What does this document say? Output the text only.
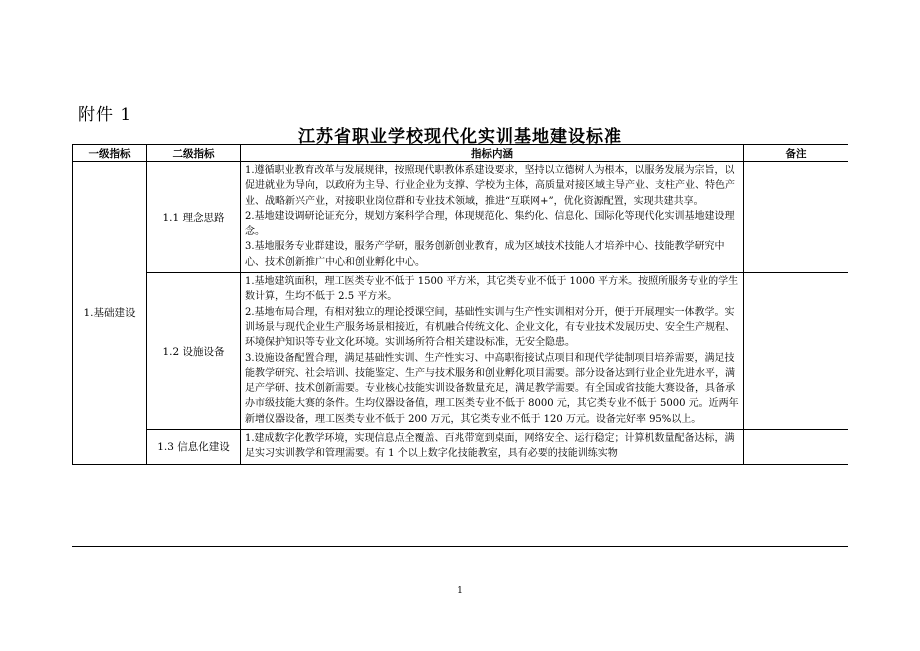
附件 1
江苏省职业学校现代化实训基地建设标准
一级指标	二级指标	指标内涵	备注
1.基础建设	1.1 理念思路	1.遵循职业教育改革与发展规律，按照现代职教体系建设要求，坚持以立德树人为根本，以服务发展为宗旨，以促进就业为导向，以政府为主导、行业企业为支撑、学校为主体，高质量对接区域主导产业、支柱产业、特色产业、战略新兴产业，对接职业岗位群和专业技术领域，推进“互联网+”，优化资源配置，实现共建共享。

2.基地建设调研论证充分，规划方案科学合理，体现规范化、集约化、信息化、国际化等现代化实训基地建设理念。

3.基地服务专业群建设，服务产学研，服务创新创业教育，成为区域技术技能人才培养中心、技能教学研究中心、技术创新推广中心和创业孵化中心。	

	1.2 设施设备	1.基地建筑面积，理工医类专业不低于 1500 平方米，其它类专业不低于 1000 平方米。按照所服务专业的学生数计算，生均不低于 2.5 平方米。

2.基地布局合理，有相对独立的理论授课空间，基础性实训与生产性实训相对分开，便于开展理实一体教学。实训场景与现代企业生产服务场景相接近，有机融合传统文化、企业文化，有专业技术发展历史、安全生产规程、环境保护知识等专业文化环境。实训场所符合相关建设标准，无安全隐患。

3.设施设备配置合理，满足基础性实训、生产性实习、中高职衔接试点项目和现代学徒制项目培养需要，满足技能教学研究、社会培训、技能鉴定、生产与技术服务和创业孵化项目需要。部分设备达到行业企业先进水平，满足产学研、技术创新需要。专业核心技能实训设备数量充足，满足教学需要。有全国或省技能大赛设备，具备承办市级技能大赛的条件。生均仪器设备值，理工医类专业不低于 8000 元，其它类专业不低于 5000 元。近两年新增仪器设备，理工医类专业不低于 200 万元，其它类专业不低于 120 万元。设备完好率 95%以上。	

	1.3 信息化建设	1.建成数字化教学环境，实现信息点全覆盖、百兆带宽到桌面，网络安全、运行稳定；计算机数量配备达标，满足实习实训教学和管理需要。有 1 个以上数字化技能教室，具有必要的技能训练实物	

1
